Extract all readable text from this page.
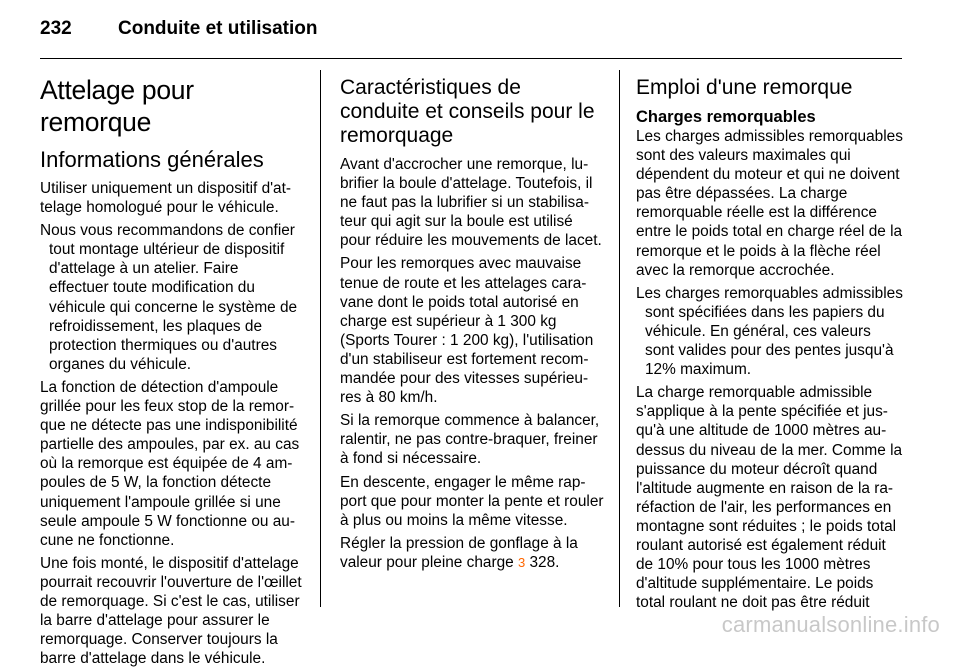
232	Conduite et utilisation
Attelage pour remorque
Informations générales

Utiliser uniquement un dispositif d'attelage homologué pour le véhicule.

Nous vous recommandons de confier tout montage ultérieur de dispositif d'attelage à un atelier. Faire effectuer toute modification du véhicule qui concerne le système de refroidissement, les plaques de protection thermiques ou d'autres organes du véhicule.

La fonction de détection d'ampoule grillée pour les feux stop de la remorque ne détecte pas une indisponibilité partielle des ampoules, par ex. au cas où la remorque est équipée de 4 ampoules de 5 W, la fonction détecte uniquement l'ampoule grillée si une seule ampoule 5 W fonctionne ou aucune ne fonctionne.

Une fois monté, le dispositif d'attelage pourrait recouvrir l'ouverture de l'œillet de remorquage. Si c'est le cas, utiliser la barre d'attelage pour assurer le remorquage. Conserver toujours la barre d'attelage dans le véhicule.

Caractéristiques de conduite et conseils pour le remorquage

Avant d'accrocher une remorque, lubrifier la boule d'attelage. Toutefois, il ne faut pas la lubrifier si un stabilisateur qui agit sur la boule est utilisé pour réduire les mouvements de lacet.

Pour les remorques avec mauvaise tenue de route et les attelages caravane dont le poids total autorisé en charge est supérieur à 1 300 kg (Sports Tourer : 1 200 kg), l'utilisation d'un stabiliseur est fortement recommandée pour des vitesses supérieures à 80 km/h.

Si la remorque commence à balancer, ralentir, ne pas contre-braquer, freiner à fond si nécessaire.

En descente, engager le même rapport que pour monter la pente et rouler à plus ou moins la même vitesse.

Régler la pression de gonflage à la valeur pour pleine charge 3 328.

Emploi d'une remorque
Charges remorquables

Les charges admissibles remorquables sont des valeurs maximales qui dépendent du moteur et qui ne doivent pas être dépassées. La charge remorquable réelle est la différence entre le poids total en charge réel de la remorque et le poids à la flèche réel avec la remorque accrochée.

Les charges remorquables admissibles sont spécifiées dans les papiers du véhicule. En général, ces valeurs sont valides pour des pentes jusqu'à 12% maximum.

La charge remorquable admissible s'applique à la pente spécifiée et jusqu'à une altitude de 1000 mètres au-dessus du niveau de la mer. Comme la puissance du moteur décroît quand l'altitude augmente en raison de la raréfaction de l'air, les performances en montagne sont réduites ; le poids total roulant autorisé est également réduit de 10% pour tous les 1000 mètres d'altitude supplémentaire. Le poids total roulant ne doit pas être réduit

carmanualsonline.info
